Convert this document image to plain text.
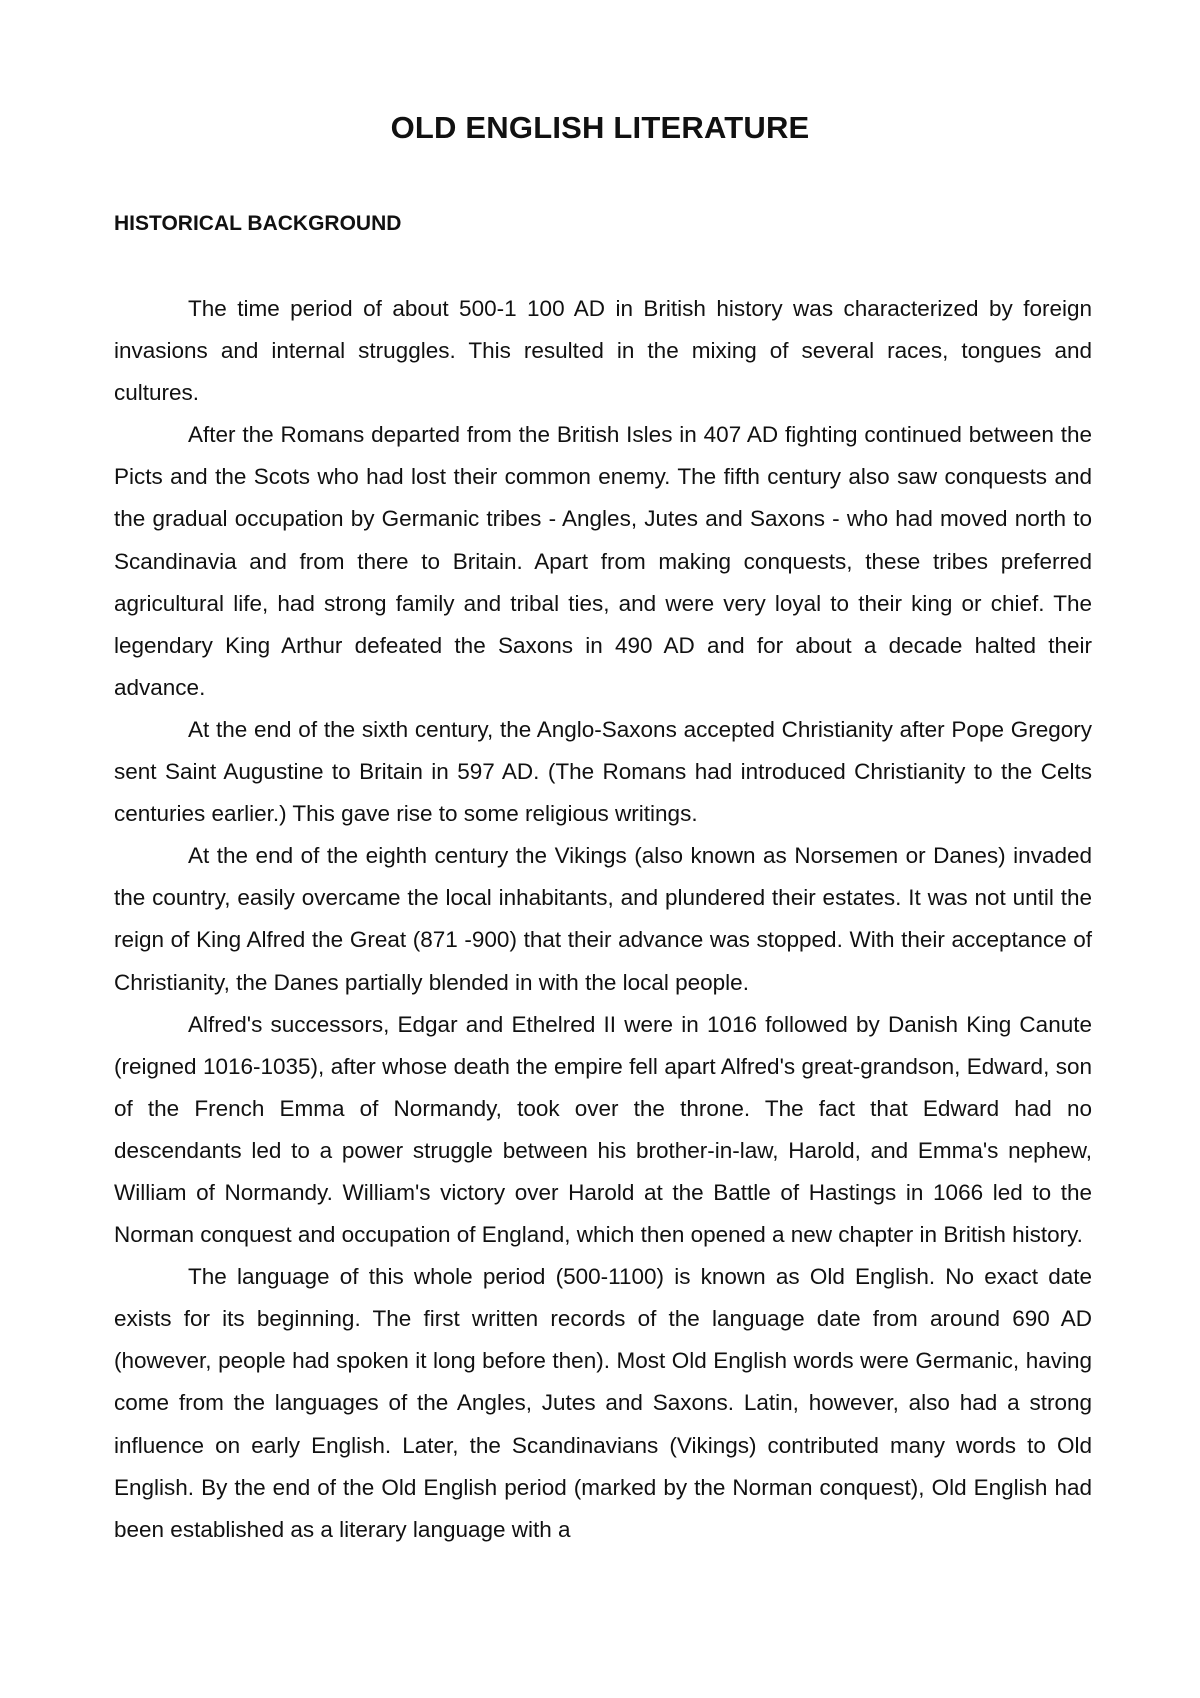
OLD ENGLISH LITERATURE
HISTORICAL BACKGROUND

The time period of about 500-1 100 AD in British history was characterized by foreign invasions and internal struggles. This resulted in the mixing of several races, tongues and cultures.

After the Romans departed from the British Isles in 407 AD fighting continued between the Picts and the Scots who had lost their common enemy. The fifth century also saw conquests and the gradual occupation by Germanic tribes - Angles, Jutes and Saxons - who had moved north to Scandinavia and from there to Britain. Apart from making conquests, these tribes preferred agricultural life, had strong family and tribal ties, and were very loyal to their king or chief. The legendary King Arthur defeated the Saxons in 490 AD and for about a decade halted their advance.

At the end of the sixth century, the Anglo-Saxons accepted Christianity after Pope Gregory sent Saint Augustine to Britain in 597 AD. (The Romans had introduced Christianity to the Celts centuries earlier.) This gave rise to some religious writings.

At the end of the eighth century the Vikings (also known as Norsemen or Danes) invaded the country, easily overcame the local inhabitants, and plundered their estates. It was not until the reign of King Alfred the Great (871 -900) that their advance was stopped. With their acceptance of Christianity, the Danes partially blended in with the local people.

Alfred's successors, Edgar and Ethelred II were in 1016 followed by Danish King Canute (reigned 1016-1035), after whose death the empire fell apart Alfred's great-grandson, Edward, son of the French Emma of Normandy, took over the throne. The fact that Edward had no descendants led to a power struggle between his brother-in-law, Harold, and Emma's nephew, William of Normandy. William's victory over Harold at the Battle of Hastings in 1066 led to the Norman conquest and occupation of England, which then opened a new chapter in British history.

The language of this whole period (500-1100) is known as Old English. No exact date exists for its beginning. The first written records of the language date from around 690 AD (however, people had spoken it long before then). Most Old English words were Germanic, having come from the languages of the Angles, Jutes and Saxons. Latin, however, also had a strong influence on early English. Later, the Scandinavians (Vikings) contributed many words to Old English. By the end of the Old English period (marked by the Norman conquest), Old English had been established as a literary language with a
